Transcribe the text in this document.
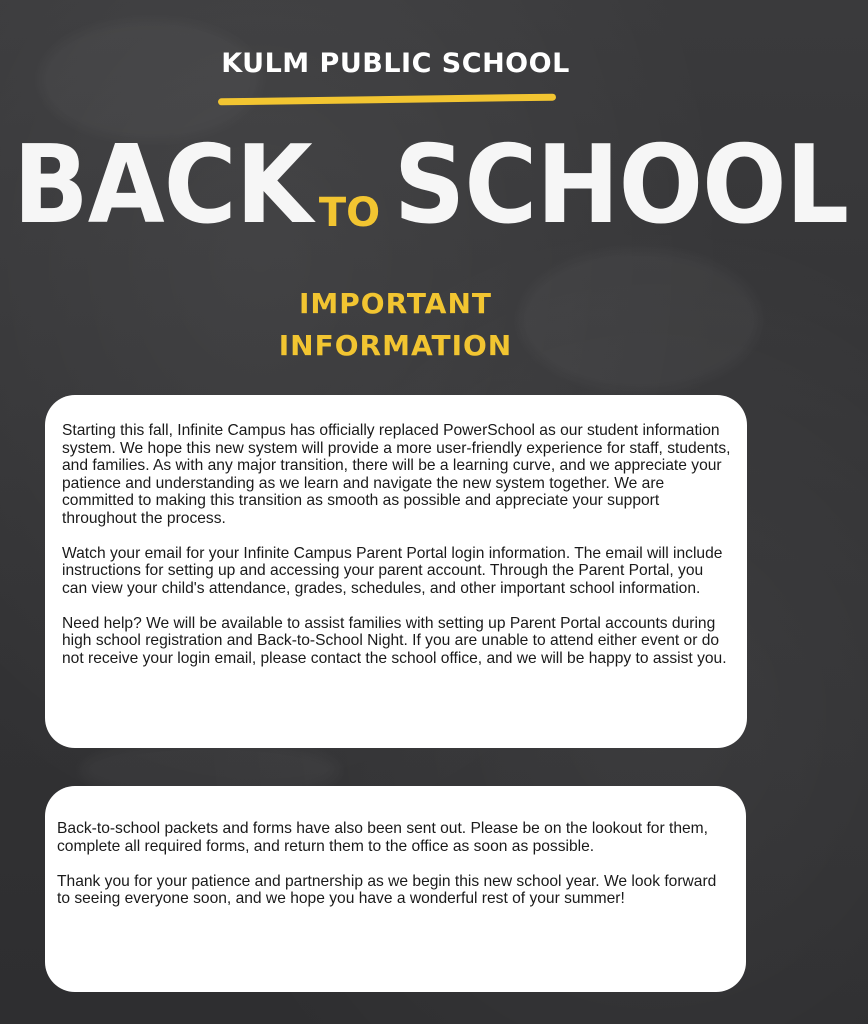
KULM PUBLIC SCHOOL
BACK TO SCHOOL
IMPORTANT
INFORMATION

Starting this fall, Infinite Campus has officially replaced PowerSchool as our student information system. We hope this new system will provide a more user-friendly experience for staff, students, and families. As with any major transition, there will be a learning curve, and we appreciate your patience and understanding as we learn and navigate the new system together. We are committed to making this transition as smooth as possible and appreciate your support throughout the process.

Watch your email for your Infinite Campus Parent Portal login information. The email will include instructions for setting up and accessing your parent account. Through the Parent Portal, you can view your child's attendance, grades, schedules, and other important school information.

Need help? We will be available to assist families with setting up Parent Portal accounts during high school registration and Back-to-School Night. If you are unable to attend either event or do not receive your login email, please contact the school office, and we will be happy to assist you.

Back-to-school packets and forms have also been sent out. Please be on the lookout for them, complete all required forms, and return them to the office as soon as possible.

Thank you for your patience and partnership as we begin this new school year. We look forward to seeing everyone soon, and we hope you have a wonderful rest of your summer!
